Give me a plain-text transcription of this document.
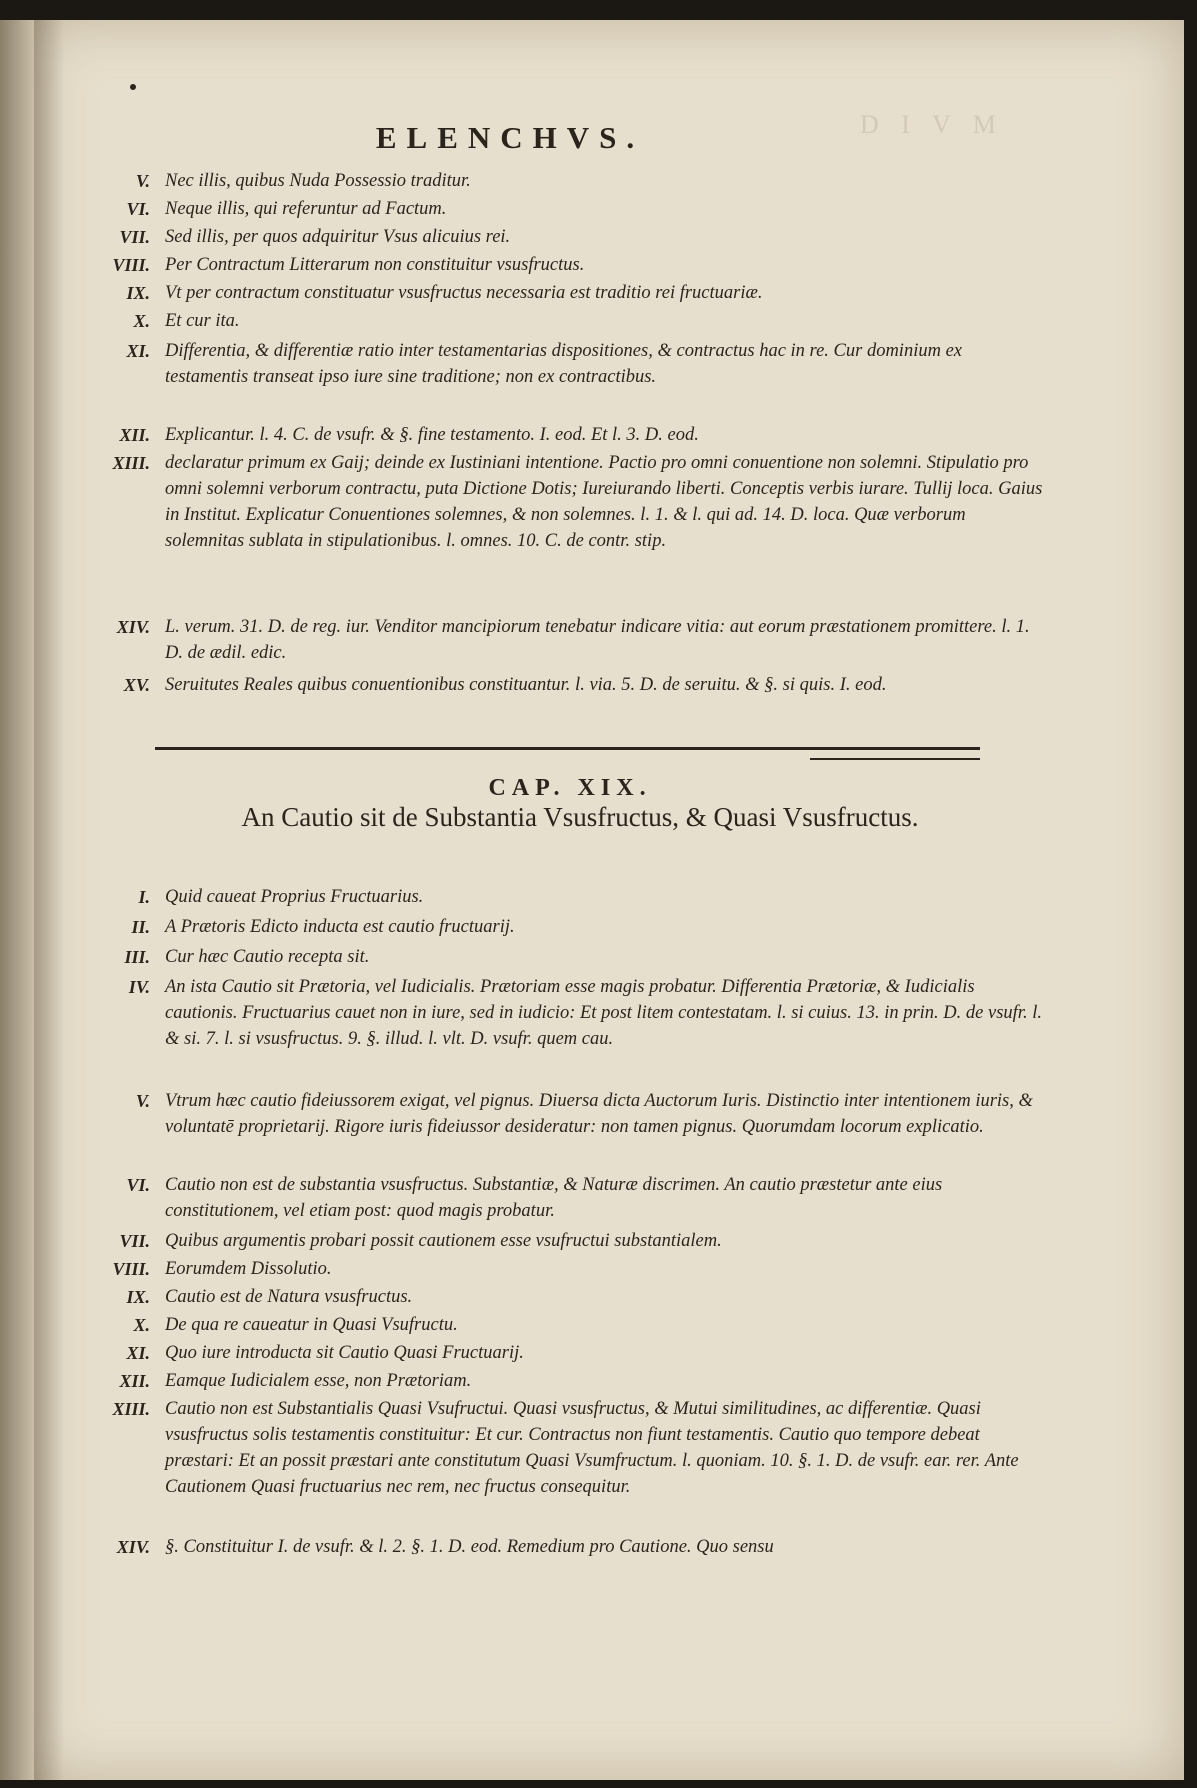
D I V M
ELENCHVS.
V. Nec illis, quibus Nuda Possessio traditur.
VI. Neque illis, qui referuntur ad Factum.
VII. Sed illis, per quos adquiritur Vsus alicuius rei.
VIII. Per Contractum Litterarum non constituitur vsusfructus.
IX. Vt per contractum constituatur vsusfructus necessaria est traditio rei fructuariæ.
X. Et cur ita.
XI. Differentia, & differentiæ ratio inter testamentarias dispositiones, & contractus hac in re. Cur dominium ex testamentis transeat ipso iure sine traditione; non ex contractibus.
XII. Explicantur. l. 4. C. de vsufr. & §. fine testamento. I. eod. Et l. 3. D. eod.
XIII. declaratur primum ex Gaij; deinde ex Iustiniani intentione. Pactio pro omni conuentione non solemni. Stipulatio pro omni solemni verborum contractu, puta Dictione Dotis; Iureiurando liberti. Conceptis verbis iurare. Tullij loca. Gaius in Institut. Explicatur Conuentiones solemnes, & non solemnes. l. 1. & l. qui ad. 14. D. loca. Quæ verborum solemnitas sublata in stipulationibus. l. omnes. 10. C. de contr. stip.
XIV. L. verum. 31. D. de reg. iur. Venditor mancipiorum tenebatur indicare vitia: aut eorum præstationem promittere. l. 1. D. de ædil. edic.
XV. Seruitutes Reales quibus conuentionibus constituantur. l. via. 5. D. de seruitu. & §. si quis. I. eod.
CAP. XIX.
An Cautio sit de Substantia Vsusfructus, & Quasi Vsusfructus.
I. Quid caueat Proprius Fructuarius.
II. A Prætoris Edicto inducta est cautio fructuarij.
III. Cur hæc Cautio recepta sit.
IV. An ista Cautio sit Prætoria, vel Iudicialis. Prætoriam esse magis probatur. Differentia Prætoriæ, & Iudicialis cautionis. Fructuarius cauet non in iure, sed in iudicio: Et post litem contestatam. l. si cuius. 13. in prin. D. de vsufr. l. & si. 7. l. si vsusfructus. 9. §. illud. l. vlt. D. vsufr. quem cau.
V. Vtrum hæc cautio fideiussorem exigat, vel pignus. Diuersa dicta Auctorum Iuris. Distinctio inter intentionem iuris, & voluntatē proprietarij. Rigore iuris fideiussor desideratur: non tamen pignus. Quorumdam locorum explicatio.
VI. Cautio non est de substantia vsusfructus. Substantiæ, & Naturæ discrimen. An cautio præstetur ante eius constitutionem, vel etiam post: quod magis probatur.
VII. Quibus argumentis probari possit cautionem esse vsufructui substantialem.
VIII. Eorumdem Dissolutio.
IX. Cautio est de Natura vsusfructus.
X. De qua re caueatur in Quasi Vsufructu.
XI. Quo iure introducta sit Cautio Quasi Fructuarij.
XII. Eamque Iudicialem esse, non Prætoriam.
XIII. Cautio non est Substantialis Quasi Vsufructui. Quasi vsusfructus, & Mutui similitudines, ac differentiæ. Quasi vsusfructus solis testamentis constituitur: Et cur. Contractus non fiunt testamentis. Cautio quo tempore debeat præstari: Et an possit præstari ante constitutum Quasi Vsumfructum. l. quoniam. 10. §. 1. D. de vsufr. ear. rer. Ante Cautionem Quasi fructuarius nec rem, nec fructus consequitur.
XIV. §. Constituitur I. de vsufr. & l. 2. §. 1. D. eod. Remedium pro Cautione. Quo sensu
